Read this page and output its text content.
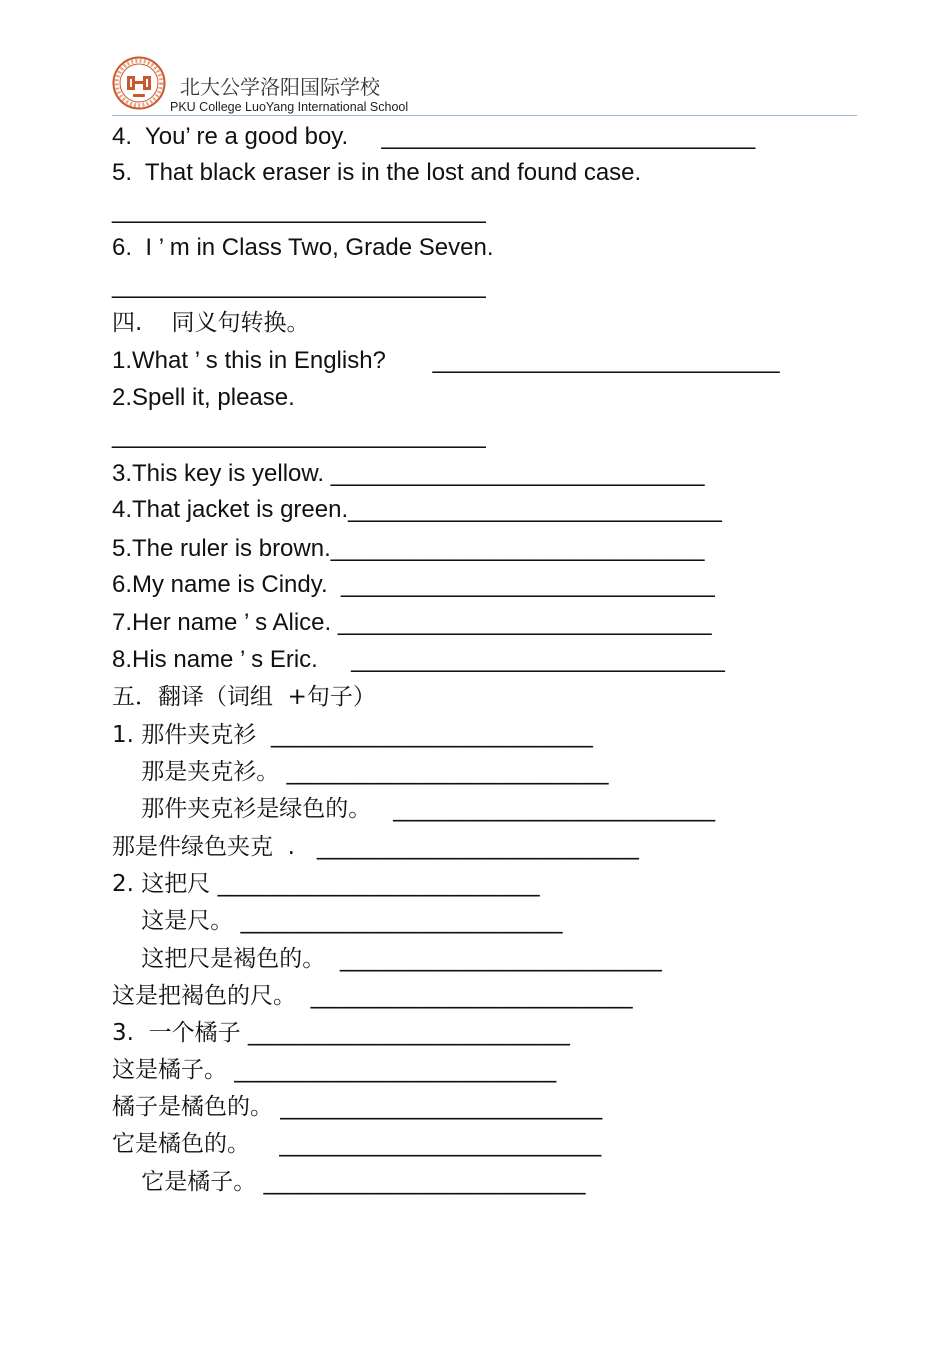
北大公学洛阳国际学校
PKU College LuoYang International School
4.  You’ re a good boy.     ____________________________
5.  That black eraser is in the lost and found case.
____________________________
6.  I ’ m in Class Two, Grade Seven.
____________________________
四.    同义句转换。
1.What ’ s this in English?       __________________________
2.Spell it, please.
____________________________
3.This key is yellow. ____________________________
4.That jacket is green.____________________________
5.The ruler is brown.____________________________
6.My name is Cindy.  ____________________________
7.Her name ’ s Alice. ____________________________
8.His name ’ s Eric.     ____________________________
五．翻译（词组  +句子）
1. 那件夹克衫  ____________________________
那是夹克衫。 ____________________________
那件夹克衫是绿色的。   ____________________________
那是件绿色夹克  .   ____________________________
2. 这把尺 ____________________________
这是尺。 ____________________________
这把尺是褐色的。  ____________________________
这是把褐色的尺。  ____________________________
3.  一个橘子 ____________________________
这是橘子。 ____________________________
橘子是橘色的。 ____________________________
它是橘色的。    ____________________________
它是橘子。 ____________________________
